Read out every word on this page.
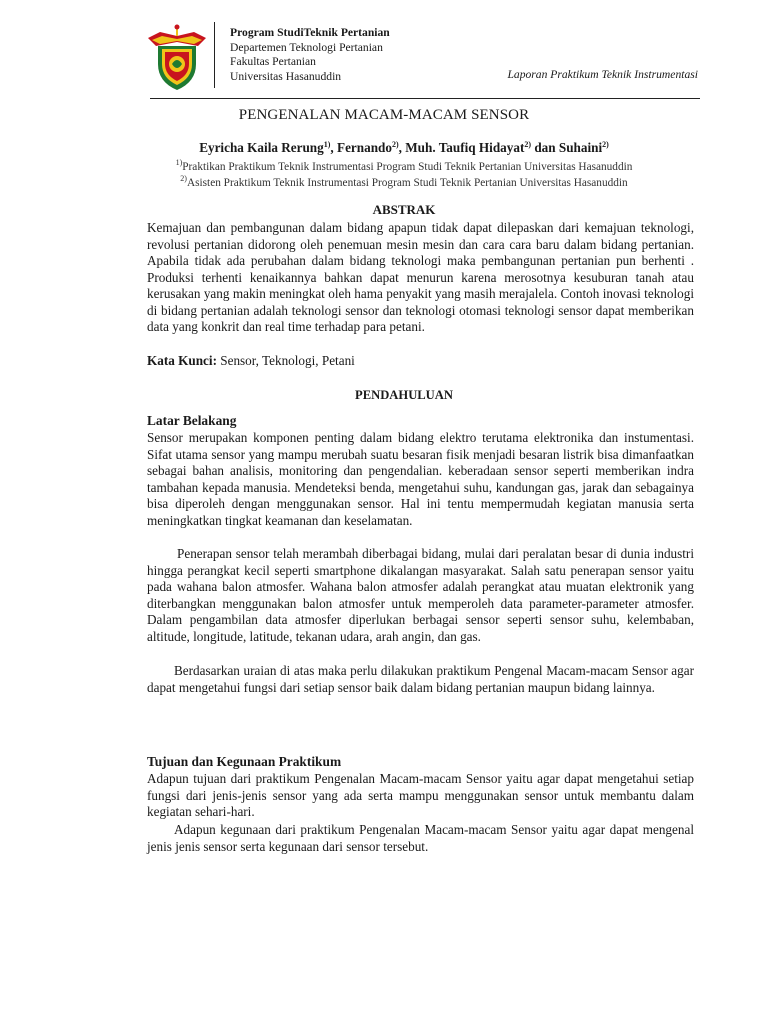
Program StudiTeknik Pertanian
Departemen Teknologi Pertanian
Fakultas Pertanian
Universitas Hasanuddin	Laporan Praktikum Teknik Instrumentasi
PENGENALAN MACAM-MACAM SENSOR
Eyricha Kaila Rerung$^{1)}$, Fernando$^{2)}$, Muh. Taufiq Hidayat$^{2)}$ dan Suhaini$^{2)}$
$^{1)}$Praktikan Praktikum Teknik Instrumentasi Program Studi Teknik Pertanian Universitas Hasanuddin
$^{2)}$Asisten Praktikum Teknik Instrumentasi Program Studi Teknik Pertanian Universitas Hasanuddin
ABSTRAK

Kemajuan dan pembangunan dalam bidang apapun tidak dapat dilepaskan dari kemajuan teknologi, revolusi pertanian didorong oleh penemuan mesin mesin dan cara cara baru dalam bidang pertanian. Apabila tidak ada perubahan dalam bidang teknologi maka pembangunan pertanian pun berhenti . Produksi terhenti kenaikannya bahkan dapat menurun karena merosotnya kesuburan tanah atau kerusakan yang makin meningkat oleh hama penyakit yang masih merajalela. Contoh inovasi teknologi di bidang pertanian adalah teknologi sensor dan teknologi otomasi teknologi sensor dapat memberikan data yang konkrit dan real time terhadap para petani.

Kata Kunci: Sensor, Teknologi, Petani
PENDAHULUAN
Latar Belakang

Sensor merupakan komponen penting dalam bidang elektro terutama elektronika dan instumentasi. Sifat utama sensor yang mampu merubah suatu besaran fisik menjadi besaran listrik bisa dimanfaatkan sebagai bahan analisis, monitoring dan pengendalian. keberadaan sensor seperti memberikan indra tambahan kepada manusia. Mendeteksi benda, mengetahui suhu, kandungan gas, jarak dan sebagainya bisa diperoleh dengan menggunakan sensor. Hal ini tentu mempermudah kegiatan manusia serta meningkatkan tingkat keamanan dan keselamatan.

Penerapan sensor telah merambah diberbagai bidang, mulai dari peralatan besar di dunia industri hingga perangkat kecil seperti smartphone dikalangan masyarakat. Salah satu penerapan sensor yaitu pada wahana balon atmosfer. Wahana balon atmosfer adalah perangkat atau muatan elektronik yang diterbangkan menggunakan balon atmosfer untuk memperoleh data parameter-parameter atmosfer. Dalam pengambilan data atmosfer diperlukan berbagai sensor seperti sensor suhu, kelembaban, altitude, longitude, latitude, tekanan udara, arah angin, dan gas.

Berdasarkan uraian di atas maka perlu dilakukan praktikum Pengenal Macam-macam Sensor agar dapat mengetahui fungsi dari setiap sensor baik dalam bidang pertanian maupun bidang lainnya.

Tujuan dan Kegunaan Praktikum

Adapun tujuan dari praktikum Pengenalan Macam-macam Sensor yaitu agar dapat mengetahui setiap fungsi dari jenis-jenis sensor yang ada serta mampu menggunakan sensor untuk membantu dalam kegiatan sehari-hari.

Adapun kegunaan dari praktikum Pengenalan Macam-macam Sensor yaitu agar dapat mengenal jenis jenis sensor serta kegunaan dari sensor tersebut.
